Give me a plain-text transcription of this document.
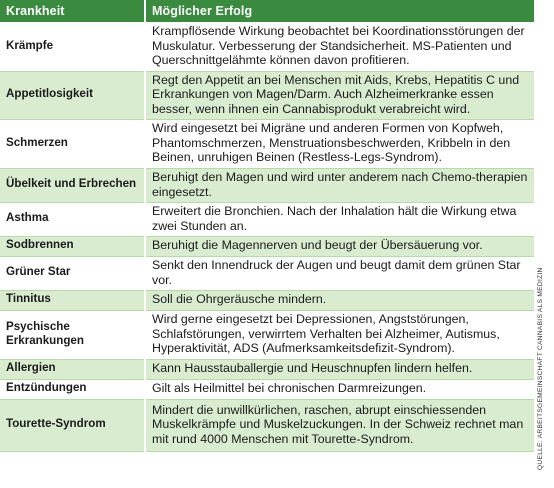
Krankheit	Möglicher Erfolg
Krämpfe	Krampflösende Wirkung beobachtet bei Koordinationsstörungen der Muskulatur. Verbesserung der Standsicherheit. MS-Patienten und Querschnittgelähmte können davon profitieren.
Appetitlosigkeit	Regt den Appetit an bei Menschen mit Aids, Krebs, Hepatitis C und Erkrankungen von Magen/Darm. Auch Alzheimerkranke essen besser, wenn ihnen ein Cannabisprodukt verabreicht wird.
Schmerzen	Wird eingesetzt bei Migräne und anderen Formen von Kopfweh, Phantomschmerzen, Menstruationsbeschwerden, Kribbeln in den Beinen, unruhigen Beinen (Restless-Legs-Syndrom).
Übelkeit und Erbrechen	Beruhigt den Magen und wird unter anderem nach Chemo-therapien eingesetzt.
Asthma	Erweitert die Bronchien. Nach der Inhalation hält die Wirkung etwa zwei Stunden an.
Sodbrennen	Beruhigt die Magennerven und beugt der Übersäuerung vor.
Grüner Star	Senkt den Innendruck der Augen und beugt damit dem grünen Star vor.
Tinnitus	Soll die Ohrgeräusche mindern.
Psychische Erkrankungen	Wird gerne eingesetzt bei Depressionen, Angststörungen, Schlafstörungen, verwirrtem Verhalten bei Alzheimer, Autismus, Hyperaktivität, ADS (Aufmerksamkeitsdefizit-Syndrom).
Allergien	Kann Hausstauballergie und Heuschnupfen lindern helfen.
Entzündungen	Gilt als Heilmittel bei chronischen Darmreizungen.
Tourette-Syndrom	Mindert die unwillkürlichen, raschen, abrupt einschiessenden Muskelkrämpfe und Muskelzuckungen. In der Schweiz rechnet man mit rund 4000 Menschen mit Tourette-Syndrom.	QUELLE: ARBEITSGEMEINSCHAFT CANNABIS ALS MEDIZIN
